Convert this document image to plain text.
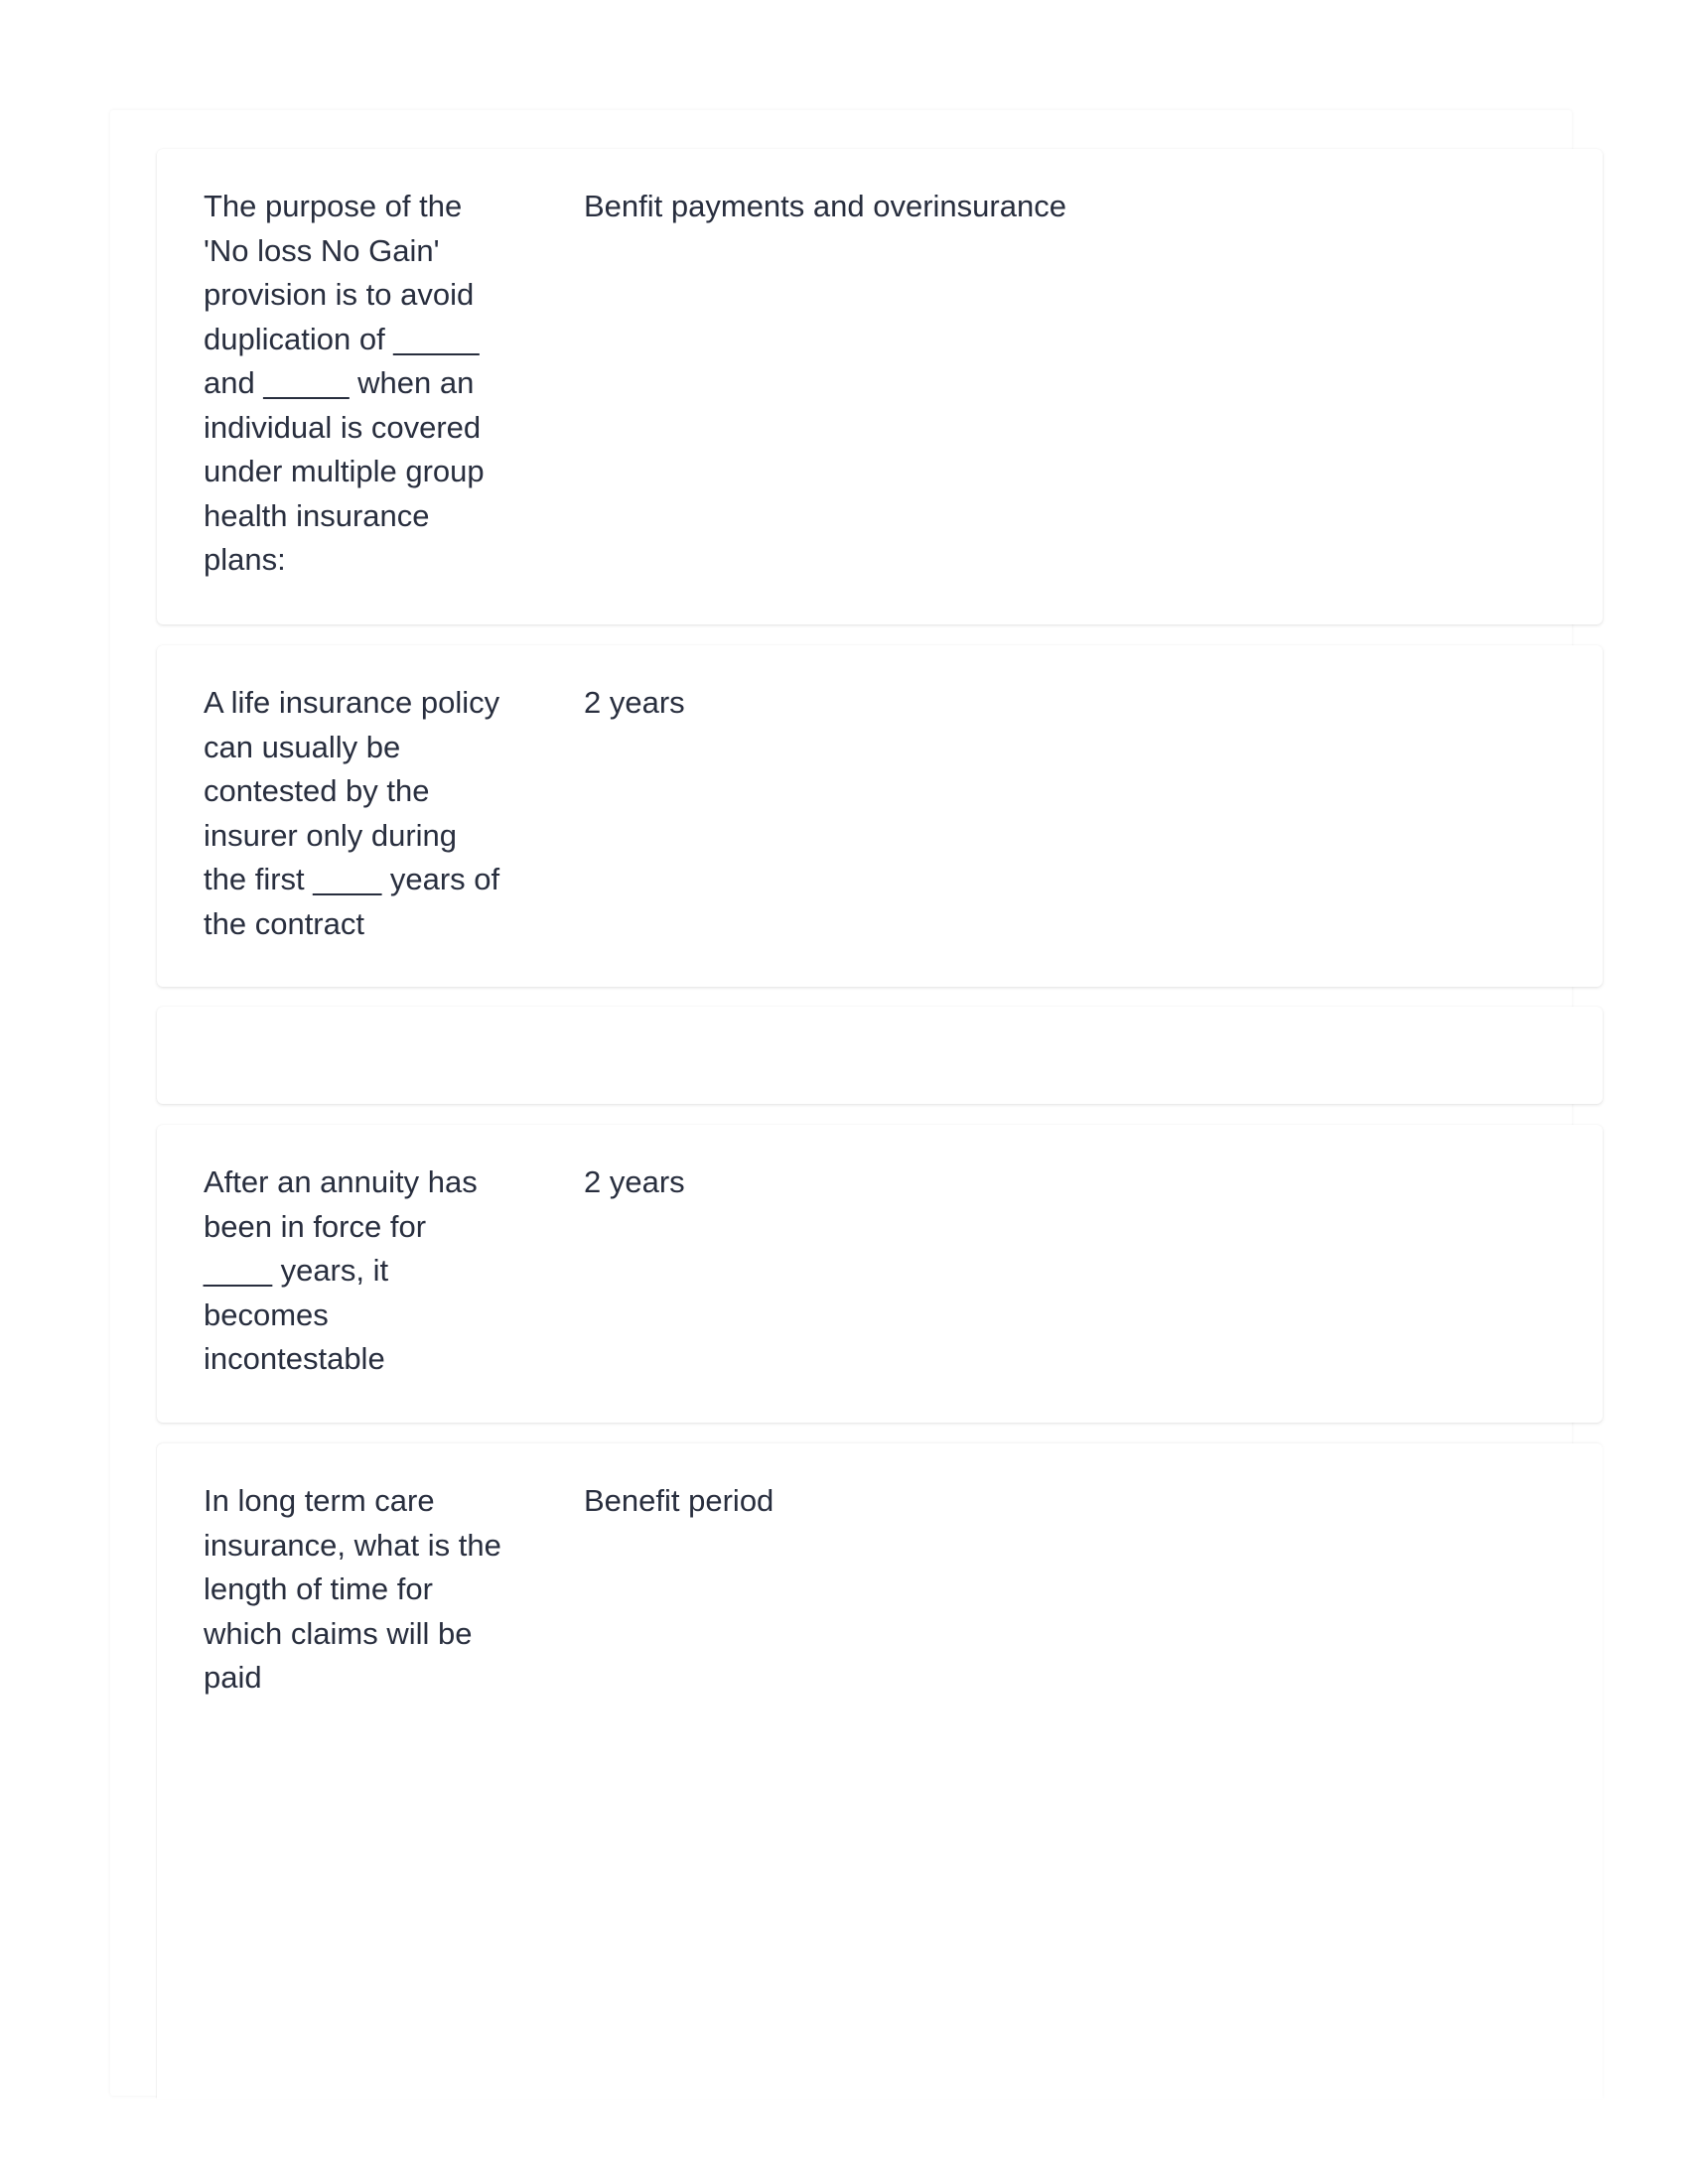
The purpose of the 'No loss No Gain' provision is to avoid duplication of _____ and _____ when an individual is covered under multiple group health insurance plans:
Benfit payments and overinsurance
A life insurance policy can usually be contested by the insurer only during the first ____ years of the contract
2 years
After an annuity has been in force for ____ years, it becomes incontestable
2 years
In long term care insurance, what is the length of time for which claims will be paid
Benefit period
